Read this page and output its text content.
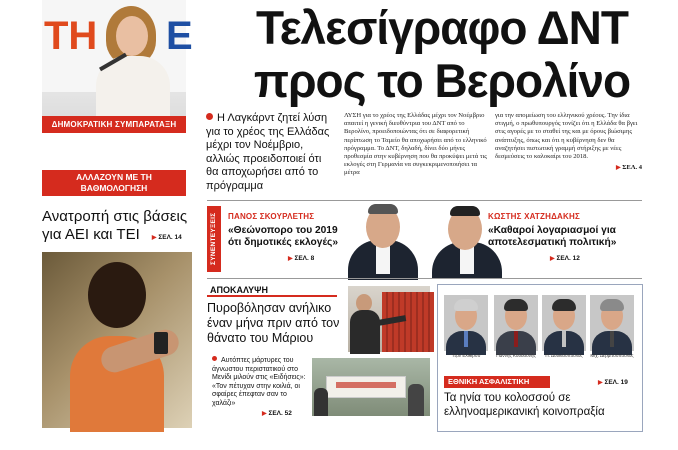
ΤΗ Ε
ΔΗΜΟΚΡΑΤΙΚΗ ΣΥΜΠΑΡΑΤΑΞΗ
ΑΛΛΑΖΟΥΝ ΜΕ ΤΗ ΒΑΘΜΟΛΟΓΗΣΗ
ΣΤΑ ΜΑΘΗΜΑΤΙΚΑ
Ανατροπή στις βάσεις
για ΑΕΙ και ΤΕΙ ▶ ΣΕΛ. 14
Τελεσίγραφο ΔΝΤ
προς το Βερολίνο
Η Λαγκάρντ ζητεί λύση για το χρέος της Ελλάδας μέχρι τον Νοέμβριο, αλλιώς προειδοποιεί ότι θα αποχωρήσει από το πρόγραμμα
ΛΥΣΗ για το χρέος της Ελλάδας μέχρι τον Νοέμβριο απαιτεί η γενική διευθύντρια του ΔΝΤ από το Βερολίνο, προειδοποιώντας ότι σε διαφορετική περίπτωση το Ταμείο θα αποχωρήσει από το ελληνικό πρόγραμμα. Το ΔΝΤ, δηλαδή, δίνει δύο μήνες προθεσμία στην κυβέρνηση που θα προκύψει μετά τις εκλογές στη Γερμανία να συγκεκριμενοποιήσει τα μέτρα
για την απομείωση του ελληνικού χρέους. Την ίδια στιγμή, ο πρωθυπουργός τονίζει ότι η Ελλάδα θα βγει στις αγορές με το σταθεί της και με όρους βιώσιμης ανάπτυξης, όπως και ότι η κυβέρνηση δεν θα αναζητήσει πιστωτική γραμμή στήριξης με νέες δεσμεύσεις το καλοκαίρι του 2018.
▶ ΣΕΛ. 4
ΣΥΝΕΝΤΕΥΞΕΙΣ	ΠΑΝΟΣ ΣΚΟΥΡΛΕΤΗΣ
«Θεώνοπορο του 2019 ότι δημοτικές εκλογές»
▶ ΣΕΛ. 8
ΚΩΣΤΗΣ ΧΑΤΖΗΔΑΚΗΣ
«Καθαροί λογαριασμοί για αποτελεσματική πολιτική»
▶ ΣΕΛ. 12
ΑΠΟΚΑΛΥΨΗ
Πυροβόλησαν ανήλικο έναν μήνα πριν από τον θάνατο του Μάριου
Αυτόπτες μάρτυρες του άγνωστου περιστατικού στο Μενίδι μιλούν στις «Ειδήσεις»: «Τον πέτυχαν στην κοιλιά, οι σφαίρες έπεφταν σαν το χαλάζι»
▶ ΣΕΛ. 52
Τζον Ελίθιρσο	Γιάννης Κουδουνής	Π. Δουκιδόπουλος	Μιχ. Δέρμιτσόπουλος
▶ ΣΕΛ. 19
ΕΘΝΙΚΗ ΑΣΦΑΛΙΣΤΙΚΗ
Τα ηνία του κολοσσού σε ελληνοαμερικανική κοινοπραξία
